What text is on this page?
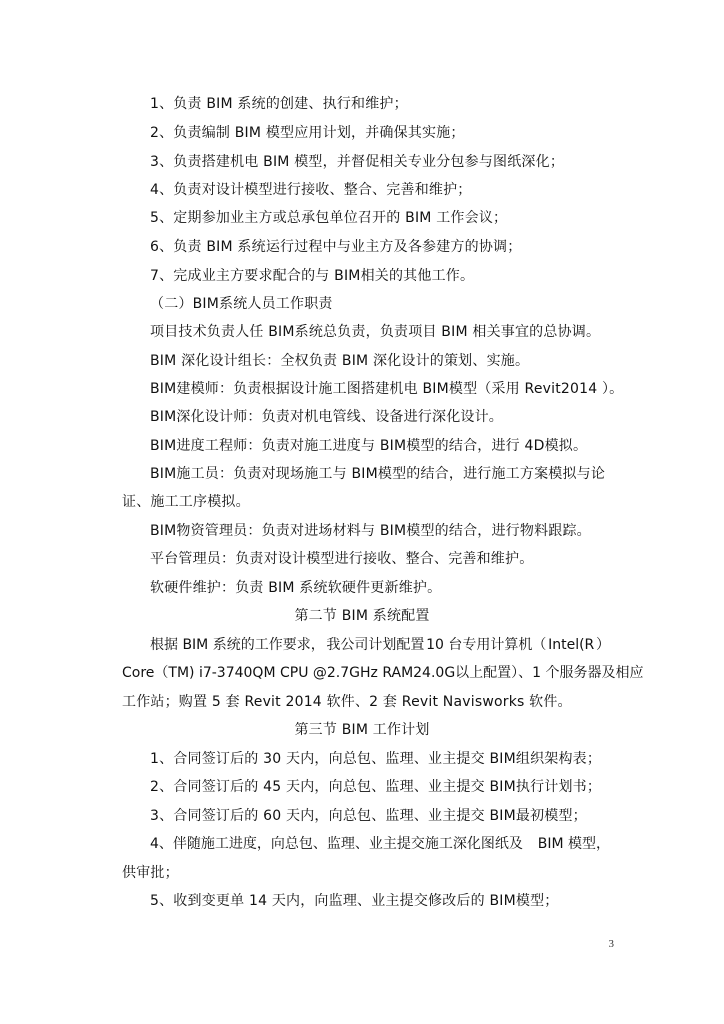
1、负责 BIM 系统的创建、执行和维护；
2、负责编制 BIM 模型应用计划，并确保其实施；
3、负责搭建机电 BIM 模型，并督促相关专业分包参与图纸深化；
4、负责对设计模型进行接收、整合、完善和维护；
5、定期参加业主方或总承包单位召开的 BIM 工作会议；
6、负责 BIM 系统运行过程中与业主方及各参建方的协调；
7、完成业主方要求配合的与 BIM相关的其他工作。
（二）BIM系统人员工作职责
项目技术负责人任 BIM系统总负责，负责项目 BIM 相关事宜的总协调。
BIM 深化设计组长：全权负责 BIM 深化设计的策划、实施。
BIM建模师：负责根据设计施工图搭建机电 BIM模型（采用 Revit2014 ）。
BIM深化设计师：负责对机电管线、设备进行深化设计。
BIM进度工程师：负责对施工进度与 BIM模型的结合，进行 4D模拟。
BIM施工员：负责对现场施工与 BIM模型的结合，进行施工方案模拟与论
证、施工工序模拟。
BIM物资管理员：负责对进场材料与 BIM模型的结合，进行物料跟踪。
平台管理员：负责对设计模型进行接收、整合、完善和维护。
软硬件维护：负责 BIM 系统软硬件更新维护。
第二节 BIM 系统配置
根据 BIM 系统的工作要求， 我公司计划配置 10 台专用计算机（ Intel(R ）
Core（TM) i7-3740QM CPU @2.7GHz RAM24.0G 以上配置）、1 个服务器及相应
工作站；购置 5 套 Revit 2014 软件、2 套 Revit Navisworks 软件。
第三节 BIM 工作计划
1、合同签订后的 30 天内，向总包、监理、业主提交 BIM组织架构表；
2、合同签订后的 45 天内，向总包、监理、业主提交 BIM执行计划书；
3、合同签订后的 60 天内，向总包、监理、业主提交 BIM最初模型；
4、伴随施工进度，向总包、监理、业主提交施工深化图纸及 BIM 模型，
供审批；
5、收到变更单 14 天内，向监理、业主提交修改后的 BIM模型；
3
